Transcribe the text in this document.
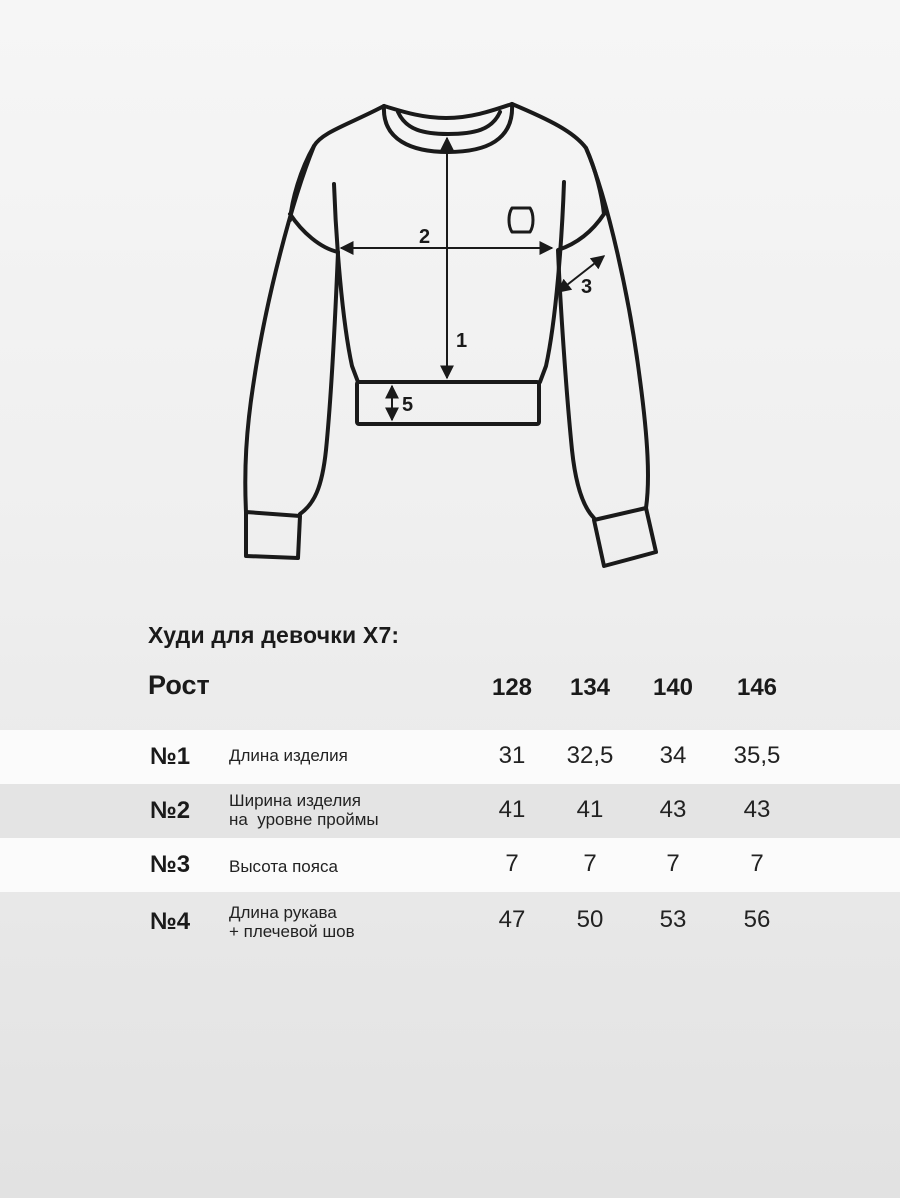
1
2
3
5
Худи для девочки Х7:
Рост	128	134	140	146
№1 Длина изделия	31	32,5	34	35,5
№2 Ширина изделия
на  уровне проймы	41	41	43	43
№3 Высота пояса	7	7	7	7
№4 Длина рукава
+ плечевой шов	47	50	53	56
